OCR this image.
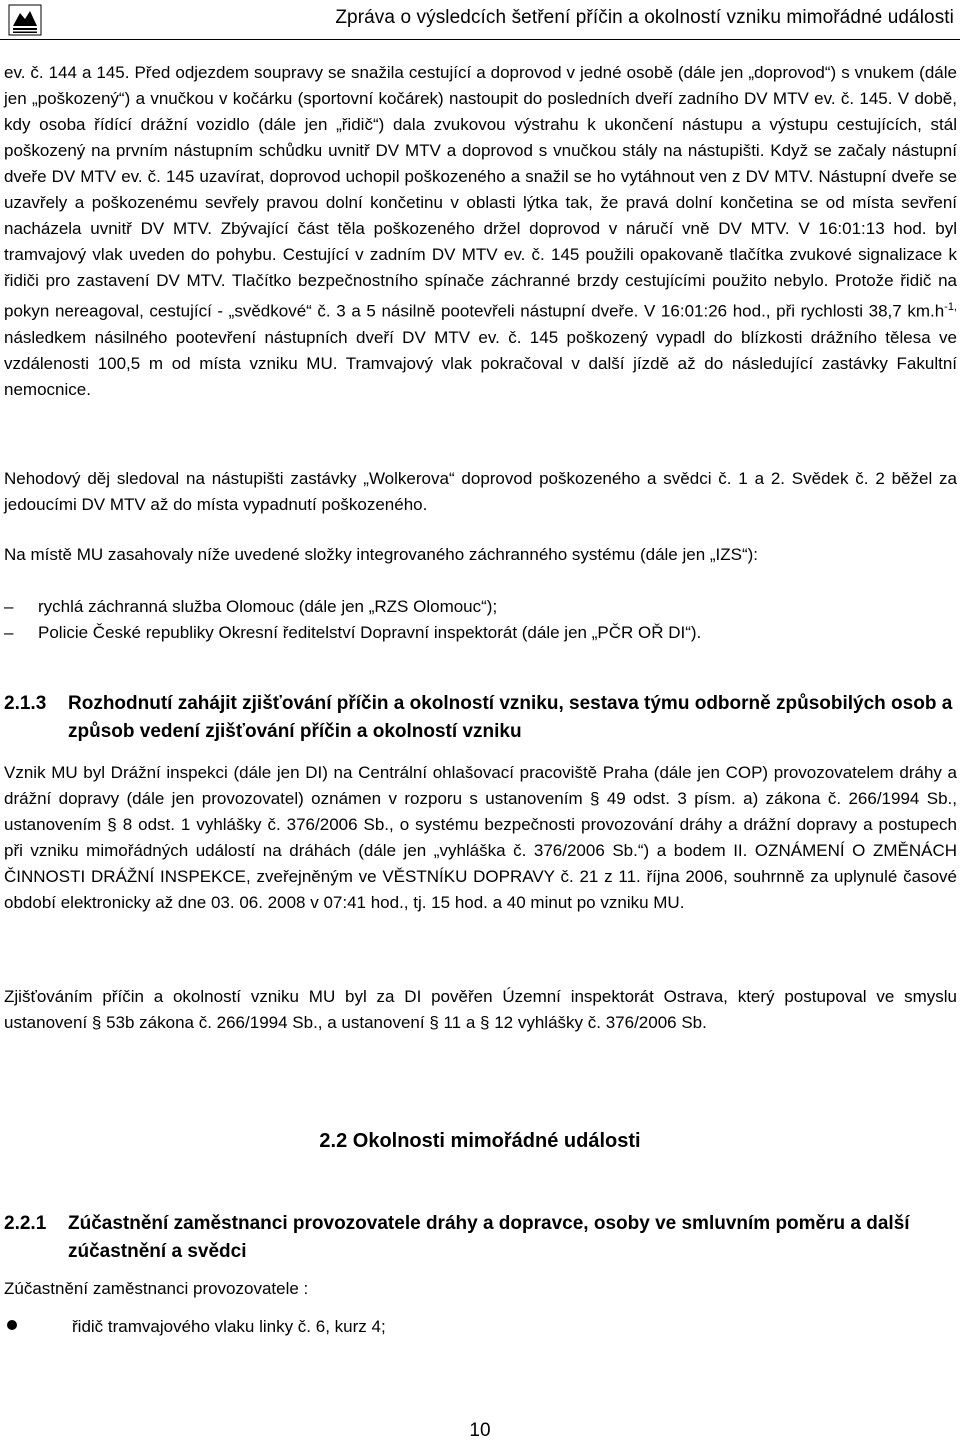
Zpráva o výsledcích šetření příčin a okolností vzniku mimořádné události

ev. č. 144 a 145. Před odjezdem soupravy se snažila cestující a doprovod v jedné osobě (dále jen „doprovod“) s vnukem (dále jen „poškozený“) a vnučkou v kočárku (sportovní kočárek) nastoupit do posledních dveří zadního DV MTV ev. č. 145. V době, kdy osoba řídící drážní vozidlo (dále jen „řidič“) dala zvukovou výstrahu k ukončení nástupu a výstupu cestujících, stál poškozený na prvním nástupním schůdku uvnitř DV MTV a doprovod s vnučkou stály na nástupišti. Když se začaly nástupní dveře DV MTV ev. č. 145 uzavírat, doprovod uchopil poškozeného a snažil se ho vytáhnout ven z DV MTV. Nástupní dveře se uzavřely a poškozenému sevřely pravou dolní končetinu v oblasti lýtka tak, že pravá dolní končetina se od místa sevření nacházela uvnitř DV MTV. Zbývající část těla poškozeného držel doprovod v náručí vně DV MTV. V 16:01:13 hod. byl tramvajový vlak uveden do pohybu. Cestující v zadním DV MTV ev. č. 145 použili opakovaně tlačítka zvukové signalizace k řidiči pro zastavení DV MTV. Tlačítko bezpečnostního spínače záchranné brzdy cestujícími použito nebylo. Protože řidič na pokyn nereagoval, cestující - „svědkové“ č. 3 a 5 násilně pootevřeli nástupní dveře. V 16:01:26 hod., při rychlosti 38,7 $km.h^{-1,}$ následkem násilného pootevření nástupních dveří DV MTV ev. č. 145 poškozený vypadl do blízkosti drážního tělesa ve vzdálenosti 100,5 m od místa vzniku MU. Tramvajový vlak pokračoval v další jízdě až do následující zastávky Fakultní nemocnice.

Nehodový děj sledoval na nástupišti zastávky „Wolkerova“ doprovod poškozeného a svědci č. 1 a 2. Svědek č. 2 běžel za jedoucími DV MTV až do místa vypadnutí poškozeného.

Na místě MU zasahovaly níže uvedené složky integrovaného záchranného systému (dále jen „IZS“):

– rychlá záchranná služba Olomouc (dále jen „RZS Olomouc“);
– Policie České republiky Okresní ředitelství Dopravní inspektorát (dále jen „PČR OŘ DI“).
2.1.3 Rozhodnutí zahájit zjišťování příčin a okolností vzniku, sestava týmu odborně způsobilých osob a způsob vedení zjišťování příčin a okolností vzniku

Vznik MU byl Drážní inspekci (dále jen DI) na Centrální ohlašovací pracoviště Praha (dále jen COP) provozovatelem dráhy a drážní dopravy (dále jen provozovatel) oznámen v rozporu s ustanovením § 49 odst. 3 písm. a) zákona č. 266/1994 Sb., ustanovením § 8 odst. 1 vyhlášky č. 376/2006 Sb., o systému bezpečnosti provozování dráhy a drážní dopravy a postupech při vzniku mimořádných událostí na dráhách (dále jen „vyhláška č. 376/2006 Sb.“) a bodem II. OZNÁMENÍ O ZMĚNÁCH ČINNOSTI DRÁŽNÍ INSPEKCE, zveřejněným ve VĚSTNÍKU DOPRAVY č. 21 z 11. října 2006, souhrnně za uplynulé časové období elektronicky až dne 03. 06. 2008 v 07:41 hod., tj. 15 hod. a 40 minut po vzniku MU.

Zjišťováním příčin a okolností vzniku MU byl za DI pověřen Územní inspektorát Ostrava, který postupoval ve smyslu ustanovení § 53b zákona č. 266/1994 Sb., a ustanovení § 11 a § 12 vyhlášky č. 376/2006 Sb.

2.2 Okolnosti mimořádné události
2.2.1 Zúčastnění zaměstnanci provozovatele dráhy a dopravce, osoby ve smluvním poměru a další zúčastnění a svědci

Zúčastnění zaměstnanci provozovatele :

řidič tramvajového vlaku linky č. 6, kurz 4;
10
